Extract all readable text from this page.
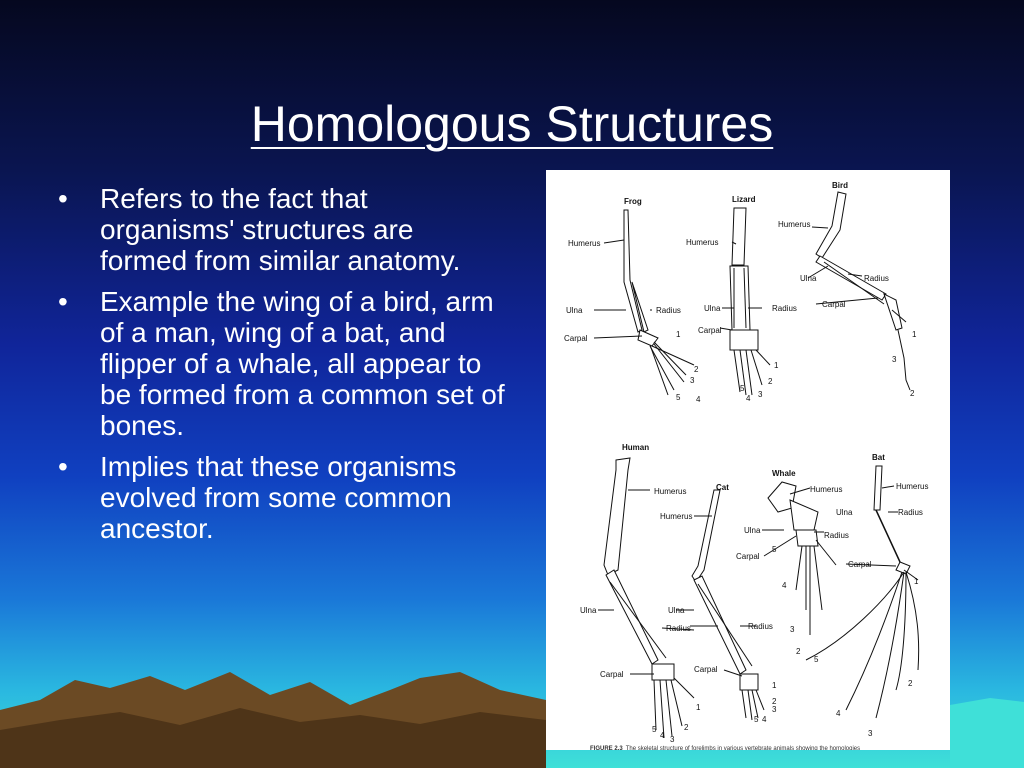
Homologous Structures
• Refers to the fact that organisms' structures are formed from similar anatomy.
• Example the wing of a bird, arm of a man, wing of a bat, and flipper of a whale, all appear to be formed from a common set of bones.
• Implies that these organisms evolved from some common ancestor.
Frog	Lizard
Bird
Human
Cat
Whale
Bat
Humerus	Humerus
Humerus
Ulna	Radius	Ulna	Radius
Carpal
Carpal
Ulna	Radius
Carpal
Humerus
Humerus
Humerus
Ulna	Radius
Humerus
Ulna
Radius
Carpal
Carpal
Ulna	Ulna
Radius	Radius
Carpal
Carpal
1
2
3
4
5
1
2
3
4
5
1
2
3
1
2
3
4
5
1
2
3
4
5
1
2
3
4
5
3
2
4
5
FIGURE 2.3 The skeletal structure of forelimbs in various vertebrate animals showing the homologies
